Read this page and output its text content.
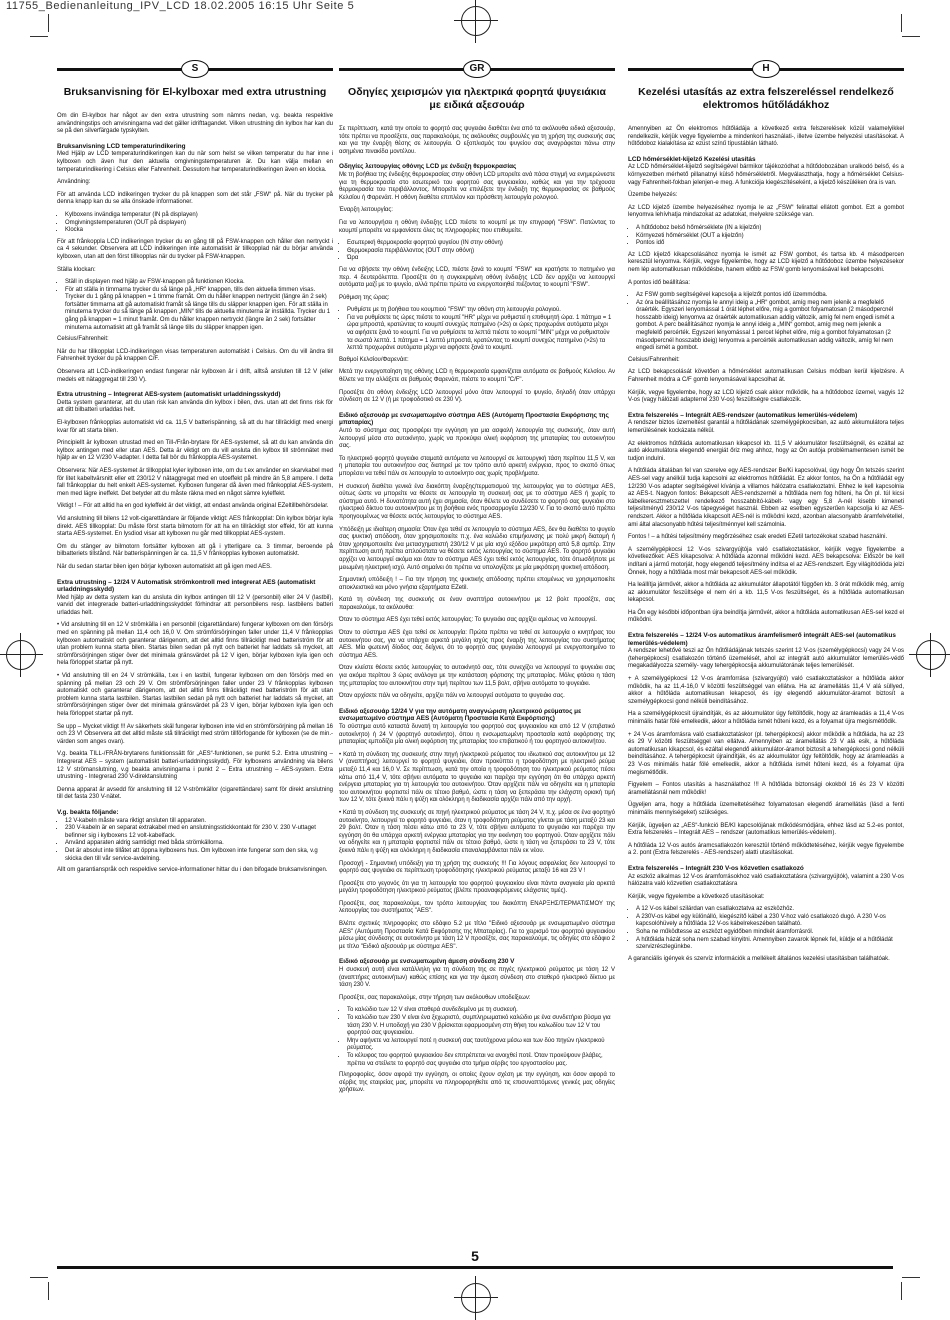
11755_Bedienanleitung_IPV_LCD 18.02.2005 16:15 Uhr Seite 5
S
Bruksanvisning för El-kylboxar med extra utrustning

Om din El-kylbox har något av den extra utrustning som nämns nedan, v.g. beakta respektive användningstips och anvisningarna vad det gäller idrifttagandet. Vilken utrustning din kylbox har kan du se på den silverfärgade typskylten.

Bruksanvisning LCD temperaturindikering

Med Hjälp av LCD temperaturindikeringen kan du när som helst se vilken temperatur du har inne i kylboxen och även hur den aktuella omgivningstemperaturen är. Du kan välja mellan en temperaturindikering i Celsius eller Fahrenheit. Dessutom har temperaturindikeringen även en klocka.

Användning:

För att använda LCD indikeringen trycker du på knappen som det står „FSW“ på. När du trycker på denna knapp kan du se alla önskade informationer.

• Kylboxens invändiga temperatur (IN på displayen)
• Omgivningstemperaturen (OUT på displayen)
• Klocka

För att frånkoppla LCD indikeringen trycker du en gång till på FSW-knappen och håller den nertryckt i ca 4 sekunder. Observera att LCD indikeringen inte automatiskt är tillkopplad när du börjar använda kylboxen, utan att den först tillkopplas när du trycker på FSW-knappen.

Ställa klockan:

• Ställ in displayen med hjälp av FSW-knappen på funktionen Klocka.
• För att ställa in timmarna trycker du så länge på „HR“ knappen, tills den aktuella timmen visas. Trycker du 1 gång på knappen = 1 timme framåt. Om du håller knappen nertryckt (längre än 2 sek) fortsätter timmarna att gå automatiskt framåt så länge tills du släpper knappen igen. För att ställa in minuterna trycker du så länge på knappen „MIN“ tills de aktuella minuterna är inställda. Trycker du 1 gång på knappen = 1 minut framåt. Om du håller knappen nertryckt (längre än 2 sek) fortsätter minuterna automatiskt att gå framåt så länge tills du släpper knappen igen.

Celsius/Fahrenheit:

När du har tillkopplat LCD-indikeringen visas temperaturen automatiskt i Celsius. Om du vill ändra till Fahrenheit trycker du på knappen C/F.

Observera att LCD-indikeringen endast fungerar när kylboxen är i drift, alltså ansluten till 12 V (eller medels ett nätaggregat till 230 V).

Extra utrustning – Integrerat AES-system (automatiskt urladdningsskydd)

Detta system garanterar, att du utan risk kan använda din kylbox i bilen, dvs. utan att det finns risk för att ditt bilbatteri urladdas helt.

El-kylboxen frånkopplas automatiskt vid ca. 11,5 V batterispänning, så att du har tillräckligt med energi kvar för att starta bilen.

Principiellt är kylboxen utrustad med en Till-/Från-brytare för AES-systemet, så att du kan använda din kylbox antingen med eller utan AES. Detta är viktigt om du vill ansluta din kylbox till strömnätet med hjälp av en 12 V/230 V-adapter. I detta fall bör du frånkoppla AES-systemet.

Observera: När AES-systemet är tillkopplat kyler kylboxen inte, om du t.ex använder en skarvkabel med för litet kabeltvärsnitt eller ett 230/12 V nätaggregat med en utoeffekt på mindre än 5,8 ampere. I detta fall frånkopplar du helt enkelt AES-systemet. Kylboxen fungerar då även med frånkopplat AES-system, men med lägre ineffekt. Det betyder att du måste räkna med en något sämre kyleffekt.

Viktigt ! – För att alltid ha en god kyleffekt är det viktigt, att endast använda original EZeltillbehörsdelar.

Vid anslutning till bilens 12 volt-cigarettändare är följande viktigt: AES frånkopplat: Din kylbox börjar kyla direkt. AES tillkopplat: Du måste först starta bilmotorn för att ha en tillräckligt stor effekt, för att kunna starta AES-systemet. En lysdiod visar att kylboxen nu går med tillkopplat AES-system.

Om du stänger av bilmotorn fortsätter kylboxen att gå i ytterligare ca. 3 timmar, beroende på bilbatteriets tillstånd. När batterispänningen är ca. 11,5 V frånkopplas kylboxen automatiskt.

När du sedan startar bilen igen börjar kylboxen automatiskt att gå igen med AES.

Extra utrustning – 12/24 V Automatisk strömkontroll med integrerat AES (automatiskt urladdningsskydd)

Med hjälp av detta system kan du ansluta din kylbox antingen till 12 V (personbil) eller 24 V (lastbil), varvid det integrerade batteri-urladdningsskyddet förhindrar att personbilens resp. lastbilens batteri urladdas helt.

• Vid anslutning till en 12 V strömkälla i en personbil (cigarettändare) fungerar kylboxen om den försörjs med en spänning på mellan 11,4 och 16,0 V. Om strömförsörjningen faller under 11,4 V frånkopplas kylboxen automatiskt och garanterar därigenom, att det alltid finns tillräckligt med batteriström för att utan problem kunna starta bilen. Startas bilen sedan på nytt och batteriet har laddats så mycket, att strömförsörjningen stiger över det minimala gränsvärdet på 12 V igen, börjar kylboxen kyla igen och hela förloppet startar på nytt.

• Vid anslutning till en 24 V strömkälla, t.ex i en lastbil, fungerar kylboxen om den försörjs med en spänning på mellan 23 och 29 V. Om strömförsörjningen faller under 23 V frånkopplas kylboxen automatiskt och garanterar därigenom, att det alltid finns tillräckligt med batteriström för att utan problem kunna starta lastbilen. Startas lastbilen sedan på nytt och batteriet har laddats så mycket, att strömförsörjningen stiger över det minimala gränsvärdet på 23 V igen, börjar kylboxen kyla igen och hela förloppet startar på nytt.

Se upp – Mycket viktigt !!! Av säkerhets skäl fungerar kylboxen inte vid en strömförsörjning på mellan 16 och 23 V! Observera att det alltid måste stå tillräckligt med ström tillförfogande för kylboxen (se de min.-värden som anges ovan).

V.g. beakta TILL-/FRÅN-brytarens funktionssätt för „AES“-funktionen, se punkt 5.2. Extra utrustning – Integrerat AES – system (automatiskt batteri-urladdningsskydd). För kylboxens användning via bilens 12 V strömanslutning, v.g beakta anvisningarna i punkt 2 – Extra utrustning – AES-system. Extra utrustning - Integrerad 230 V-direktanslutning

Denna apparat är avsedd för anslutning till 12 V-strömkällor (cigarettändare) samt för direkt anslutning till det fasta 230 V-nätet.

V.g. beakta följande:
• 12 V-kabeln måste vara riktigt ansluten till apparaten.
• 230 V-kabeln är en separat extrakabel med en anslutningsstickkontakt för 230 V. 230 V-uttaget befinner sig i kylboxens 12 volt-kabelfack.
• Använd apparaten aldrig samtidigt med båda strömkällorna.
• Det är absolut inte tillåtet att öppna kylboxens hus. Om kylboxen inte fungerar som den ska, v.g skicka den till vår service-avdelning.

Allt om garantianspråk och respektive service-informationer hittar du i den bifogade bruksanvisningen.

GR
Οδηγίες χειρισμών για ηλεκτρικά φορητά ψυγειάκια με ειδικά αξεσουάρ

Σε περίπτωση, κατά την οποία το φορητό σας ψυγειάκι διαθέτει ένα από τα ακόλουθα ειδικά αξεσουάρ, τότε πρέπει να προσέξετε, σας παρακαλούμε, τις ακόλουθες συμβουλές για τη χρήση της συσκευής σας και για την έναρξη θέσης σε λειτουργία. Ο εξοπλισμός του ψυγείου σας αναγράφεται πάνω στην ασημένια πινακίδα μοντέλου.

Οδηγίες λειτουργίας οθόνης LCD με ένδειξη θερμοκρασίας

Με τη βοήθεια της ένδειξης θερμοκρασίας στην οθόνη LCD μπορείτε ανά πάσα στιγμή να ενημερώνεστε για τη θερμοκρασία στο εσωτερικό του φορητού σας ψυγειακίου, καθώς και για την τρέχουσα θερμοκρασία του περιβάλλοντος. Μπορείτε να επιλέξετε την ένδειξη της θερμοκρασίας σε βαθμούς Κελσίου ή Φαρενάιτ. Η οθόνη διαθέτει επιπλέον και πρόσθετη λειτουργία ρολογιού.

Έναρξη λειτουργίας:

Για να λειτουργήσει η οθόνη ένδειξης LCD πιέστε το κουμπί με την επιγραφή "FSW". Πατώντας το κουμπί μπορείτε να εμφανίσετε όλες τις πληροφορίες που επιθυμείτε.

• Εσωτερική θερμοκρασία φορητού ψυγείου (IN στην οθόνη)
• Θερμοκρασία περιβάλλοντος (OUT στην οθόνη)
• Ώρα

Για να σβήσετε την οθόνη ένδειξης LCD, πιέστε ξανά το κουμπί "FSW" και κρατήστε το πατημένο για περ. 4 δευτερόλεπτα. Προσέξτε ότι η συγκεκριμένη οθόνη ένδειξης LCD δεν αρχίζει να λειτουργεί αυτόματα μαζί με το ψυγείο, αλλά πρέπει πρώτα να ενεργοποιηθεί πιέζοντας το κουμπί "FSW".

Ρύθμιση της ώρας:

• Ρυθμίστε με τη βοήθεια του κουμπιού "FSW" την οθόνη στη λειτουργία ρολογιού.
• Για να ρυθμίσετε τις ώρες πιέστε το κουμπί "HR" μέχρι να ρυθμιστεί η επιθυμητή ώρα. 1 πάτημα = 1 ώρα μπροστά, κρατώντας το κουμπί συνεχώς πατημένο (>2s) οι ώρες προχωράνε αυτόματα μέχρι να αφήσετε ξανά το κουμπί. Για να ρυθμίσετε τα λεπτά πιέστε το κουμπί "MIN" μέχρι να ρυθμιστούν τα σωστά λεπτά. 1 πάτημα = 1 λεπτό μπροστά, κρατώντας το κουμπί συνεχώς πατημένο (>2s) τα λεπτά προχωράνε αυτόματα μέχρι να αφήσετε ξανά το κουμπί.

Βαθμοί Κελσίου/Φαρενάιτ:

Μετά την ενεργοποίηση της οθόνης LCD η θερμοκρασία εμφανίζεται αυτόματα σε βαθμούς Κελσίου. Αν θέλετε να την αλλάξετε σε βαθμούς Φαρενάιτ, πιέστε το κουμπί "C/F".

Προσέξτε ότι οθόνη ένδειξης LCD λειτουργεί μόνο όταν λειτουργεί το ψυγείο, δηλαδή όταν υπάρχει σύνδεση σε 12 V (ή με τροφοδοτικό σε 230 V).

Ειδικό αξεσουάρ με ενσωματωμένο σύστημα AES (Αυτόματη Προστασία Εκφόρτισης της μπαταρίας)

Αυτό το σύστημα σας προσφέρει την εγγύηση για μια ασφαλή λειτουργία της συσκευής, όταν αυτή λειτουργεί μέσα στο αυτοκίνητο, χωρίς να προκύψει ολική εκφόρτιση της μπαταρίας του αυτοκινήτου σας.

Το ηλεκτρικό φορητό ψυγειάκι σταματά αυτόματα να λειτουργεί σε λειτουργική τάση περίπου 11,5 V, και η μπαταρία του αυτοκινήτου σας διατηρεί με τον τρόπο αυτό αρκετή ενέργεια, προς το σκοπό όπως μπορέσει να τεθεί πάλι σε λειτουργία το αυτοκίνητο σας χωρίς προβλήματα.

Η συσκευή διαθέτει γενικά ένα διακόπτη έναρξης/τερματισμού της λειτουργίας για το σύστημα AES, ούτως ώστε να μπορείτε να θέσετε σε λειτουργία τη συσκευή σας με το σύστημα AES ή χωρίς το σύστημα αυτό. Η δυνατότητα αυτή έχει σημασία, όταν θέλετε να συνδέσετε το φορητό σας ψυγειάκι στο ηλεκτρικό δίκτυο του αυτοκινήτου με τη βοήθεια ενός προσαρμογέα 12/230 V. Για το σκοπό αυτό πρέπει προηγουμένως να θέσετε εκτός λειτουργίας το σύστημα AES.

Υπόδειξη με ιδιαίτερη σημασία: Όταν έχει τεθεί σε λειτουργία το σύστημα AES, δεν θα διαθέτει το ψυγείο σας ψυκτική απόδοση, όταν χρησιμοποιείτε π.χ. ένα καλώδιο επιμήκυνσης με πολύ μικρή διατομή ή όταν χρησιμοποιείτε ένα μετασχηματιστή 230/12 V με μία ισχύ εξόδου μικρότερη από 5,8 αμπέρ. Στην περίπτωση αυτή πρέπει απλούστατα να θέσετε εκτός λειτουργίας το σύστημα AES. Το φορητό ψυγειάκι αρχίζει να λειτουργεί ακόμα και όταν το σύστημα AES έχει τεθεί εκτός λειτουργίας, τότε όπωσδήποτε με μειωμένη ηλεκτρική ισχύ. Αυτό σημαίνει ότι πρέπει να υπολογίζετε με μία μικρότερη ψυκτική απόδοση.

Σημαντική υπόδειξη ! – Για την τήρηση της ψυκτικής απόδοσης πρέπει επομένως να χρησιμοποιείτε αποκλειστικά και μόνο γνήσια εξαρτήματα EZetil.

Κατά τη σύνδεση της συσκευής σε έναν αναπτήρα αυτοκινήτου με 12 βολτ προσέξτε, σας παρακαλούμε, τα ακόλουθα:

Όταν το σύστημα AES έχει τεθεί εκτός λειτουργίας: Το ψυγειάκι σας αρχίζει αμέσως να λειτουργεί.

Όταν το σύστημα AES έχει τεθεί σε λειτουργία: Πρώτα πρέπει να τεθεί σε λειτουργία ο κινητήρας του αυτοκινήτου σας, για να υπάρχει αρκετά μεγάλη ισχύς προς έναρξη της λειτουργίας του συστήματος AES. Μία φωτεινή δίοδος σας δείχνει, ότι το φορητό σας ψυγειάκι λειτουργεί με ενεργοποιημένο το σύστημα AES.

Όταν κλείστε θέσετε εκτός λειτουργίας το αυτοκίνητό σας, τότε συνεχίζει να λειτουργεί το ψυγειάκι σας για ακόμα περίπου 3 ώρες ανάλογα με την κατάσταση φόρτισης της μπαταρίας. Μόλις φτάσει η τάση της μπαταρίας του αυτοκινήτου στην τιμή περίπου των 11,5 βολτ, σβήνει αυτόματα το ψυγειάκι.

Όταν αρχίσετε πάλι να οδηγείτε, αρχίζει πάλι να λειτουργεί αυτόματα το ψυγειάκι σας.

Ειδικό αξεσουάρ 12/24 V για την αυτόματη αναγνώριση ηλεκτρικού ρεύματος με ενσωματωμένο σύστημα AES (Αυτόματη Προστασία Κατά Εκφόρτισης)

Το σύστημα αυτό καταστά δυνατή τη λειτουργία του φορητού σας ψυγειακίου και από 12 V (επιβατικό αυτοκίνητο) ή 24 V (φορτηγό αυτοκίνητο), όπου η ενσωματωμένη προστασία κατά εκφόρτισης της μπαταρίας εμποδίζει μία ολική εκφόρτιση της μπαταρίας του επιβατικού ή του φορτηγού αυτοκινήτου.

• Κατά τη σύνδεση της συσκευής στην πηγή ηλεκτρικού ρεύματος του ιδιωτικού σας αυτοκινήτου με 12 V (αναπτήρας) λειτουργεί το φορητό ψυγειάκι, όταν προκύπτει η τροφοδότηση με ηλεκτρικό ρεύμα μεταξύ 11,4 και 16,0 V. Σε περίπτωση, κατά την οποία η τροφοδότηση του ηλεκτρικού ρεύματος πέσει κάτω από 11,4 V, τότε σβήνει αυτόματα το ψυγειάκι και παρέχει την εγγύηση ότι θα υπάρχει αρκετή ενέργεια μπαταρίας για τη λειτουργία του αυτοκινήτου. Όταν αρχίζετε πάλι να οδηγείτε και η μπαταρία του αυτοκινήτου φορτιστεί πάλι σε τέτοιο βαθμό, ώστε η τάση να ξεπεράσει την ελάχιστη οριακή τιμή των 12 V, τότε ξεκινά πάλι η ψύξη και ολόκληρη η διαδικασία αρχίζει πάλι από την αρχή.

• Κατά τη σύνδεση της συσκευής σε πηγή ηλεκτρικού ρεύματος με τάση 24 V, π.χ. μέσα σε ένα φορτηγό αυτοκίνητο, λειτουργεί το φορητό ψυγειάκι, όταν η τροφοδότηση ρεύματος γίνεται με τάση μεταξύ 23 και 29 βολτ. Όταν η τάση πέσει κάτω από τα 23 V, τότε σβήνει αυτόματα το ψυγειάκι και παρέχει την εγγύηση ότι θα υπάρχει αρκετή ενέργεια μπαταρίας για την εκκίνηση του φορτηγού. Όταν αρχίζετε πάλι να οδηγείτε και η μπαταρία φορτιστεί πάλι σε τέτοιο βαθμό, ώστε η τάση να ξεπεράσει τα 23 V, τότε ξεκινά πάλι η ψύξη και ολόκληρη η διαδικασία επαναλαμβάνεται πάλι εκ νέου.

Προσοχή - Σημαντική υπόδειξη για τη χρήση της συσκευής !!! Για λόγους ασφαλείας δεν λειτουργεί το φορητό σας ψυγειάκι σε περίπτωση τροφοδότησης ηλεκτρικού ρεύματος μεταξύ 16 και 23 V !

Προσέξτε στο γεγονός ότι για τη λειτουργία του φορητού ψυγειακίου είναι πάντα αναγκαία μία αρκετά μεγάλη τροφοδότηση ηλεκτρικού ρεύματος (βλέπε προαναφερόμενες ελάχιστες τιμές).

Προσέξτε, σας παρακαλούμε, τον τρόπο λειτουργίας του διακόπτη ΕΝΑΡΞΗΣ/ΤΕΡΜΑΤΙΣΜΟΥ της λειτουργίας του συστήματος "AES".

Βλέπε σχετικές πληροφορίες στο εδάφιο 5.2 με τίτλο "Ειδικό αξεσουάρ με ενσωματωμένο σύστημα AES" (Αυτόματη Προστασία Κατά Εκφόρτισης της Μπαταρίας). Για το χειρισμό του φορητού ψυγειακίου μέσω μίας σύνδεσης σε αυτοκίνητο με τάση 12 V προσέξτε, σας παρακαλούμε, τις οδηγίες στο εδάφιο 2 με τίτλο "Ειδικό αξεσουάρ με σύστημα AES".

Ειδικό αξεσουάρ με ενσωματωμένη άμεση σύνδεση 230 V

Η συσκευή αυτή είναι κατάλληλη για τη σύνδεση της σε πηγές ηλεκτρικού ρεύματος με τάση 12 V (αναπτήρες αυτοκινήτων) καθώς επίσης και για την άμεση σύνδεση στο σταθερό ηλεκτρικό δίκτυο με τάση 230 V.

Προσέξτε, σας παρακαλούμε, στην τήρηση των ακόλουθων υποδείξεων:

• Το καλώδιο των 12 V είναι σταθερά συνδεδεμένο με τη συσκευή.
• Το καλώδιο των 230 V είναι ένα ξεχωριστό, συμπληρωματικό καλώδιο με ένα συνδετήριο βύσμα για τάση 230 V. Η υποδοχή για 230 V βρίσκεται εφαρμοσμένη στη θήκη του καλωδίου των 12 V του φορητού σας ψυγειακίου.
• Μην αφήνετε να λειτουργεί ποτέ η συσκευή σας ταυτόχρονα μέσω και των δύο πηγών ηλεκτρικού ρεύματος.
• Το κέλυφος του φορητού ψυγειακίου δεν επιτρέπεται να ανοιχθεί ποτέ. Όταν προκύψουν βλάβες, πρέπει να στείλετε το φορητό σας ψυγειάκι στο τμήμα σέρβις του εργοστασίου μας.

Πληροφορίες, όσον αφορά την εγγύηση, οι οποίες έχουν σχέση με την εγγύηση, και όσον αφορά το σέρβις της εταιρείας μας, μπορείτε να πληροφορηθείτε από τις επισυναπτόμενες γενικές μας οδηγίες χρήσεων.

H
Kezelési utasítás az extra felszereléssel rendelkező elektromos hűtőládákhoz

Amennyiben az Ön elektromos hűtőládája a következő extra felszerelések közül valamelyikkel rendelkezik, kérjük vegye figyelembe a mindenkori használati-, illetve üzembe helyezési utasításokat. A hűtődoboz kialakítása az ezüst színű típustáblán látható.

LCD hőmérséklet-kijelző Kezelési utasítás

Az LCD hőmérséklet-kijelző segítségével bármikor tájékozódhat a hűtődobozában uralkodó belső, és a környezetben mérhető pillanatnyi külső hőmérsékletről. Megválaszthatja, hogy a hőmérséklet Celsius- vagy Fahrenheit-fokban jelenjen-e meg. A funkciója kiegészítéseként, a kijelző készüléken óra is van.

Üzembe helyezés:

Az LCD kijelző üzembe helyezéséhez nyomja le az „FSW“ felirattal ellátott gombot. Ezt a gombot lenyomva lehívhatja mindazokat az adatokat, melyekre szüksége van.

• A hűtődoboz belső hőmérséklete (IN a kijelzőn)
• Környezeti hőmérséklet (OUT a kijelzőn)
• Pontos idő

Az LCD kijelző kikapcsolásához nyomja le ismét az FSW gombot, és tartsa kb. 4 másodpercen keresztül lenyomva. Kérjük, vegye figyelembe, hogy az LCD kijelző a hűtődoboz üzembe helyezésekor nem lép automatikusan működésbe, hanem előbb az FSW gomb lenyomásával kell bekapcsolni.

A pontos idő beállítása:

• Az FSW gomb segítségével kapcsolja a kijelzőt pontos idő üzemmódba.
• Az óra beállításához nyomja le annyi ideig a „HR“ gombot, amíg meg nem jelenik a megfelelő óraérték. Egyszeri lenyomással 1 órát léphet előre, míg a gombot folyamatosan (2 másodpercnél hosszabb ideig) lenyomva az óraérték automatikusan addig változik, amíg fel nem engedi ismét a gombot. A perc beállításához nyomja le annyi ideig a „MIN“ gombot, amíg meg nem jelenik a megfelelő percérték. Egyszeri lenyomással 1 percet léphet előre, míg a gombot folyamatosan (2 másodpercnél hosszabb ideig) lenyomva a percérték automatikusan addig változik, amíg fel nem engedi ismét a gombot.

Celsius/Fahrenheit:

Az LCD bekapcsolását követően a hőmérséklet automatikusan Celsius módban kerül kijelzésre. A Fahrenheit módra a C/F gomb lenyomásával kapcsolhat át.

Kérjük, vegye figyelembe, hogy az LCD kijelző csak akkor működik, ha a hűtődoboz üzemel, vagyis 12 V-os (vagy hálózati adapterrel 230 V-os) feszültségre csatlakozik.

Extra felszerelés – Integrált AES-rendszer (automatikus lemerülés-védelem)

A rendszer biztos üzemeltést garantál a hűtőládának személygépkocsiban, az autó akkumulátora teljes lemerülésének kockázata nélkül.

Az elektromos hűtőláda automatikusan kikapcsol kb. 11,5 V akkumulátor feszültségnél, és ezáltal az autó akkumulátora elegendő energiát őriz meg ahhoz, hogy az Ön autója problémamentesen ismét be tudjon indulni.

A hűtőláda általában fel van szerelve egy AES-rendszer Be/Ki kapcsolóval, úgy hogy Ön tetszés szerint AES-sel vagy anélkül tudja kapcsolni az elektromos hűtőládát. Ez akkor fontos, ha Ön a hűtőládát egy 12/230 V-os adapter segítségével kívánja a villamos hálózatra csatlakoztatni. Ehhez le kell kapcsolnia az AES-t. Nagyon fontos: Bekapcsolt AES-rendszernél a hűtőláda nem fog hűteni, ha Ön pl. túl kicsi kábelkeresztmetszettel rendelkező hosszabbító-kábelt- vagy egy 5,8 A-nél kisebb kimeneti teljesítményű 230/12 V-os tápegységet használ. Ebben az esetben egyszerűen kapcsolja ki az AES-rendszert. Akkor a hűtőláda kikapcsolt AES-nél is működni kezd, azonban alacsonyabb áramfelvétellel, ami által alacsonyabb hűtési teljesítménnyel kell számolnia.

Fontos ! – a hűtési teljesítmény megőrzéséhez csak eredeti EZetil tartozékokat szabad használni.

A személygépkocsi 12 V-os szivargyújtója való csatlakoztatáskor, kérjük vegye figyelembe a következőket: AES kikapcsolva: A hűtőláda azonnal működni kezd. AES bekapcsolva: Először be kell indítani a jármű motorját, hogy elegendő teljesítmény indítsa el az AES-rendszert. Egy világítódióda jelzi Önnek, hogy a hűtőláda most már bekapcsolt AES-sel működik.

Ha leállítja járművét, akkor a hűtőláda az akkumulátor állapotától függően kb. 3 órát működik még, amíg az akkumulátor feszültsége el nem éri a kb. 11,5 V-os feszültséget, és a hűtőláda automatikusan lekapcsol.

Ha Ön egy későbbi időpontban újra beindítja járművét, akkor a hűtőláda automatikusan AES-sel kezd el működni.

Extra felszerelés – 12/24 V-os automatikus áramfelismerő integrált AES-sel (automatikus lemerülés-védelem)

A rendszer lehetővé teszi az Ön hűtőládájának tetszés szerint 12 V-os (személygépkocsi) vagy 24 V-os (tehergépkocsi) csatlakozón történő üzemelését, ahol az integrált autó akkumulátor lemerülés-védő megakadályozza személy- vagy tehergépkocsija akkumulátorának teljes lemerülését.

+ A személygépkocsi 12 V-os áramforrása (szivargyújtó) való csatlakoztatáskor a hűtőláda akkor működik, ha az 11,4-16,0 V közötti feszültséggel van ellátva. Ha az áramellátás 11,4 V alá süllyed, akkor a hűtőláda automatikusan lekapcsol, és így elegendő akkumulátor-áramot biztosít a személygépkocsi gond nélküli beindításához.

Ha a személygépkocsit újraindítják, és az akkumulátor úgy feltöltődik, hogy az áramleadás a 11,4 V-os minimális határ fölé emelkedik, akkor a hűtőláda ismét hűteni kezd, és a folyamat újra megismétlődik.

+ 24 V-os áramforrásra való csatlakoztatáskor (pl. tehergépkocsi) akkor működik a hűtőláda, ha az 23 és 29 V közötti feszültséggel van ellátva. Amennyiben az áramellátás 23 V alá esik, a hűtőláda automatikusan kikapcsol, és ezáltal elegendő akkumulátor-áramot biztosít a tehergépkocsi gond nélküli beindításához. A tehergépkocsit újraindítják, és az akkumulátor úgy feltöltődik, hogy az áramleadás a 23 V-os minimális határ fölé emelkedik, akkor a hűtőláda ismét hűteni kezd, és a folyamat újra megismétlődik.

Figyelem – Fontos utasítás a használathoz !!! A hűtőláda biztonsági okokból 16 és 23 V közötti áramellátásnál nem működik!

Ügyeljen arra, hogy a hűtőláda üzemeltetéséhez folyamatosan elegendő áramellátás (lásd a fenti minimális mennyiségeket) szükséges.

Kérjük, ügyeljen az „AES“-funkció BE/KI kapcsolójának működésmódjára, ehhez lásd az 5.2-es pontot, Extra felszerelés – Integrált AES – rendszer (automatikus lemerülés-védelem).

A hűtőláda 12 V-os autós áramcsatlakozón keresztül történő működtetéséhez, kérjük vegye figyelembe a 2. pont (Extra felszerelés - AES-rendszer) alatti utasításokat.

Extra felszerelés – Integrált 230 V-os közvetlen csatlakozó

Az eszköz alkalmas 12 V-os áramforrásokhoz való csatlakoztatásra (szivargyújtók), valamint a 230 V-os hálózatra való közvetlen csatlakoztatásra

Kérjük, vegye figyelembe a következő utasításokat:

• A 12 V-os kábel szilárdan van csatlakoztatva az eszközhöz.
• A 230V-os kábel egy különálló, kiegészítő kábel a 230 V-hoz való csatlakozó dugó. A 230 V-os kapcsolóhüvely a hűtőláda 12 V-os kábelrekeszében található.
• Soha ne működtesse az eszközt egyidőben mindkét áramforrásról.
• A hűtőláda házát soha nem szabad kinyitni. Amennyiben zavarok lépnek fel, küldje el a hűtőládát szervizrészlegünkbe.

A garanciális igények és szervíz információk a mellékelt általános kezelési utasításban találhatóak.

5
